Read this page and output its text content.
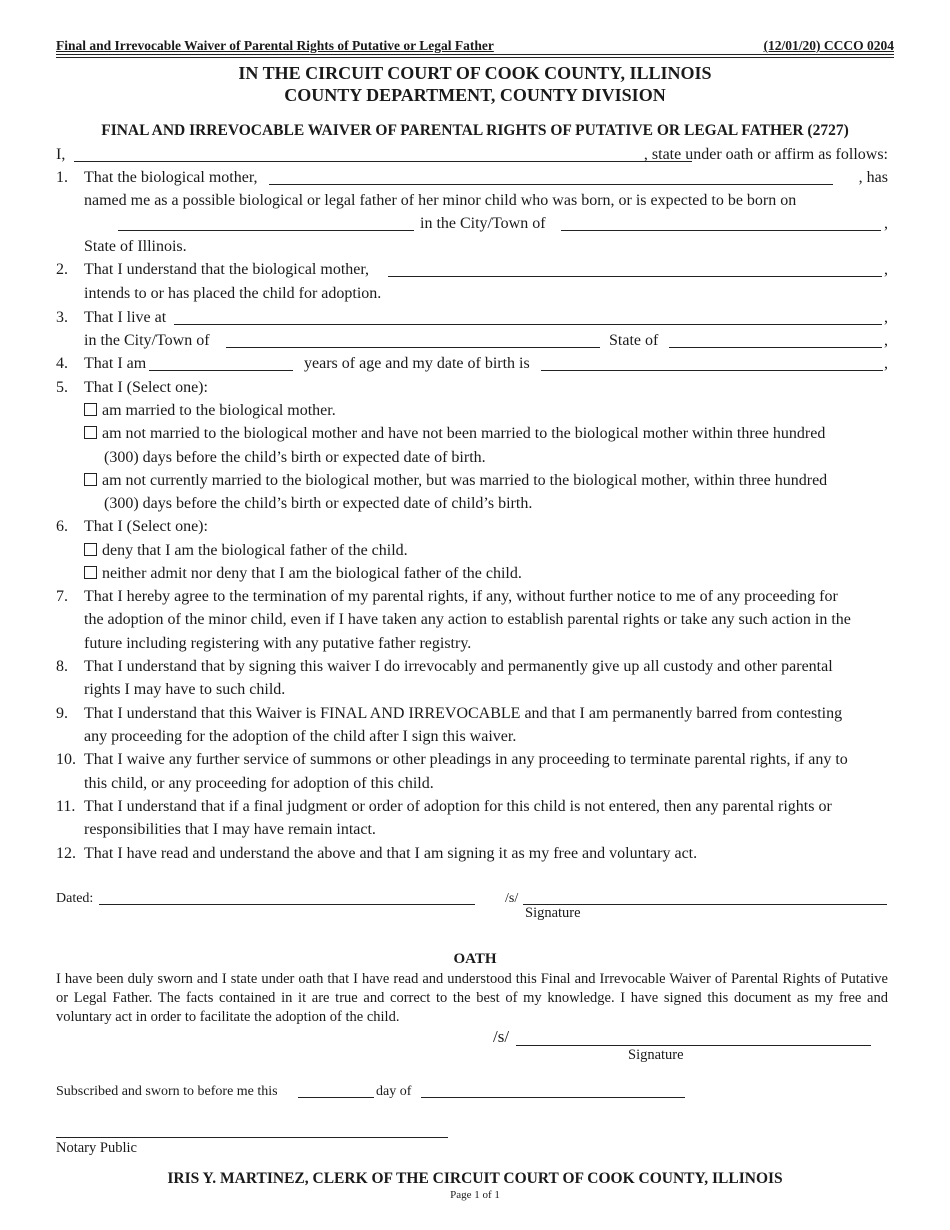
Final and Irrevocable Waiver of Parental Rights of Putative or Legal Father	(12/01/20) CCCO 0204
IN THE CIRCUIT COURT OF COOK COUNTY, ILLINOIS
COUNTY DEPARTMENT, COUNTY DIVISION
FINAL AND IRREVOCABLE WAIVER OF PARENTAL RIGHTS OF PUTATIVE OR LEGAL FATHER (2727)
I,	, state under oath or affirm as follows:
1. That the biological mother,	, has
named me as a possible biological or legal father of her minor child who was born, or is expected to be born on
in the City/Town of	,
State of Illinois.
2. That I understand that the biological mother,	,
intends to or has placed the child for adoption.
3. That I live at	,
in the City/Town of	State of	,
4. That I am	years of age and my date of birth is	,
5. That I (Select one):
am married to the biological mother.
am not married to the biological mother and have not been married to the biological mother within three hundred
(300) days before the child’s birth or expected date of birth.
am not currently married to the biological mother, but was married to the biological mother, within three hundred
(300) days before the child’s birth or expected date of child’s birth.
6. That I (Select one):
deny that I am the biological father of the child.
neither admit nor deny that I am the biological father of the child.
7. That I hereby agree to the termination of my parental rights, if any, without further notice to me of any proceeding for
the adoption of the minor child, even if I have taken any action to establish parental rights or take any such action in the
future including registering with any putative father registry.
8. That I understand that by signing this waiver I do irrevocably and permanently give up all custody and other parental
rights I may have to such child.
9. That I understand that this Waiver is FINAL AND IRREVOCABLE and that I am permanently barred from contesting
any proceeding for the adoption of the child after I sign this waiver.
10. That I waive any further service of summons or other pleadings in any proceeding to terminate parental rights, if any to
this child, or any proceeding for adoption of this child.
11. That I understand that if a final judgment or order of adoption for this child is not entered, then any parental rights or
responsibilities that I may have remain intact.
12. That I have read and understand the above and that I am signing it as my free and voluntary act.
Dated:	/s/
Signature
OATH
I have been duly sworn and I state under oath that I have read and understood this Final and Irrevocable Waiver of Parental Rights of Putative or Legal Father. The facts contained in it are true and correct to the best of my knowledge. I have signed this document as my free and voluntary act in order to facilitate the adoption of the child.
/s/
Signature
Subscribed and sworn to before me this	day of
Notary Public
IRIS Y. MARTINEZ, CLERK OF THE CIRCUIT COURT OF COOK COUNTY, ILLINOIS
Page 1 of 1
